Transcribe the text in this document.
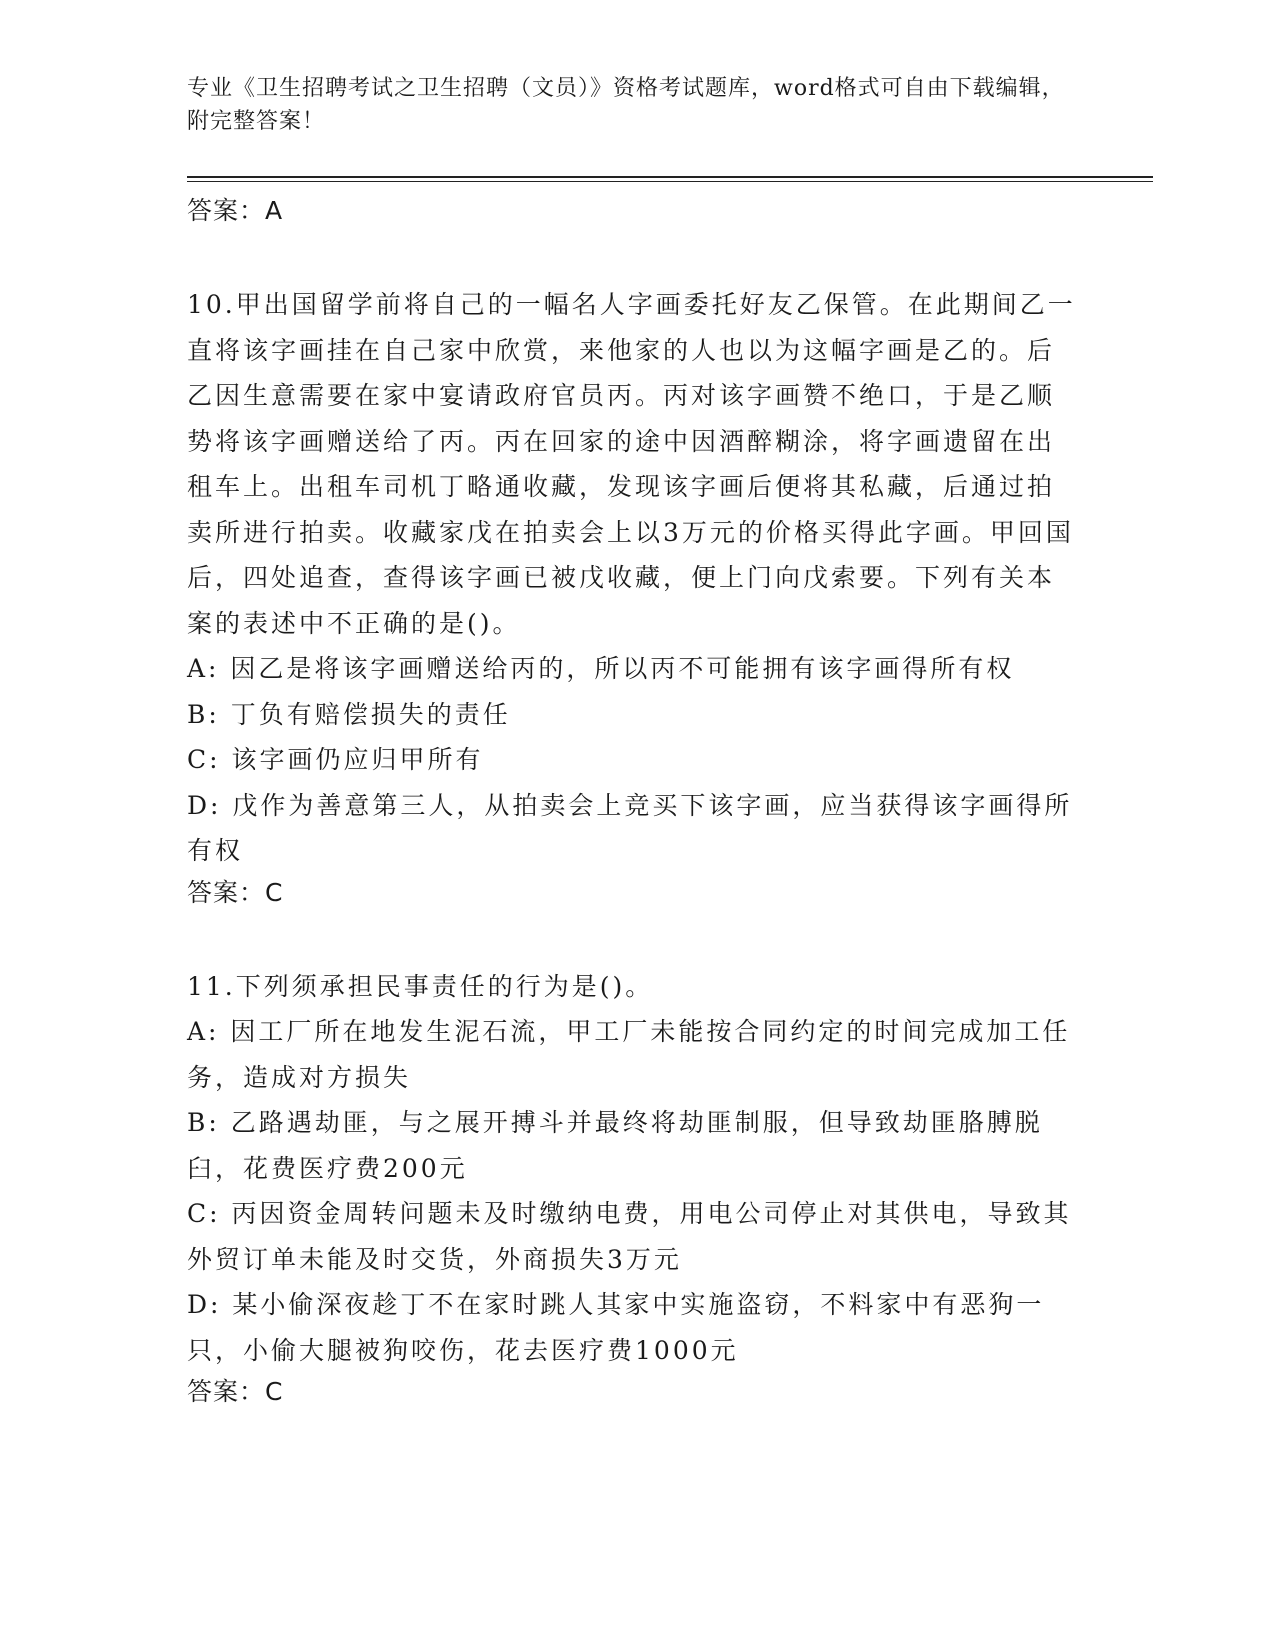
专业《卫生招聘考试之卫生招聘（文员）》资格考试题库，word格式可自由下载编辑，附完整答案！
答案：A
10.甲出国留学前将自己的一幅名人字画委托好友乙保管。在此期间乙一直将该字画挂在自己家中欣赏，来他家的人也以为这幅字画是乙的。后乙因生意需要在家中宴请政府官员丙。丙对该字画赞不绝口，于是乙顺势将该字画赠送给了丙。丙在回家的途中因酒醉糊涂，将字画遗留在出租车上。出租车司机丁略通收藏，发现该字画后便将其私藏，后通过拍卖所进行拍卖。收藏家戊在拍卖会上以3万元的价格买得此字画。甲回国后，四处追查，查得该字画已被戊收藏，便上门向戊索要。下列有关本案的表述中不正确的是()。
A: 因乙是将该字画赠送给丙的，所以丙不可能拥有该字画得所有权
B: 丁负有赔偿损失的责任
C: 该字画仍应归甲所有
D: 戊作为善意第三人，从拍卖会上竞买下该字画，应当获得该字画得所有权
答案：C
11.下列须承担民事责任的行为是()。
A: 因工厂所在地发生泥石流，甲工厂未能按合同约定的时间完成加工任务，造成对方损失
B: 乙路遇劫匪，与之展开搏斗并最终将劫匪制服，但导致劫匪胳膊脱臼，花费医疗费200元
C: 丙因资金周转问题未及时缴纳电费，用电公司停止对其供电，导致其外贸订单未能及时交货，外商损失3万元
D: 某小偷深夜趁丁不在家时跳人其家中实施盗窃，不料家中有恶狗一只，小偷大腿被狗咬伤，花去医疗费1000元
答案：C
